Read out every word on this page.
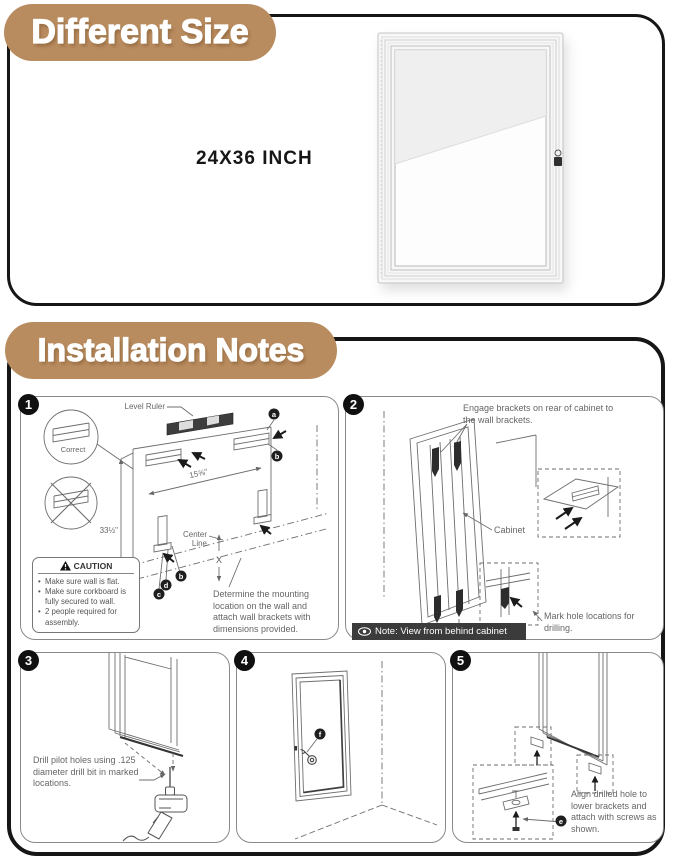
Different Size
24X36 INCH
Installation Notes
1
a
b
c
d
b
Level Ruler
Correct
15⅝"
33½"	Center
Line
X
CAUTION
• Make sure wall is flat.
• Make sure corkboard is fully secured to wall.
• 2 people required for assembly.
Determine the mounting location on the wall and attach wall brackets with dimensions provided.
2	Engage brackets on rear of cabinet to the wall brackets.
Cabinet
Mark hole locations for drilling.
Note: View from behind cabinet
3
Drill pilot holes using .125 diameter drill bit in marked locations.
4
f
5
e
Align drilled hole to lower brackets and attach with screws as shown.
